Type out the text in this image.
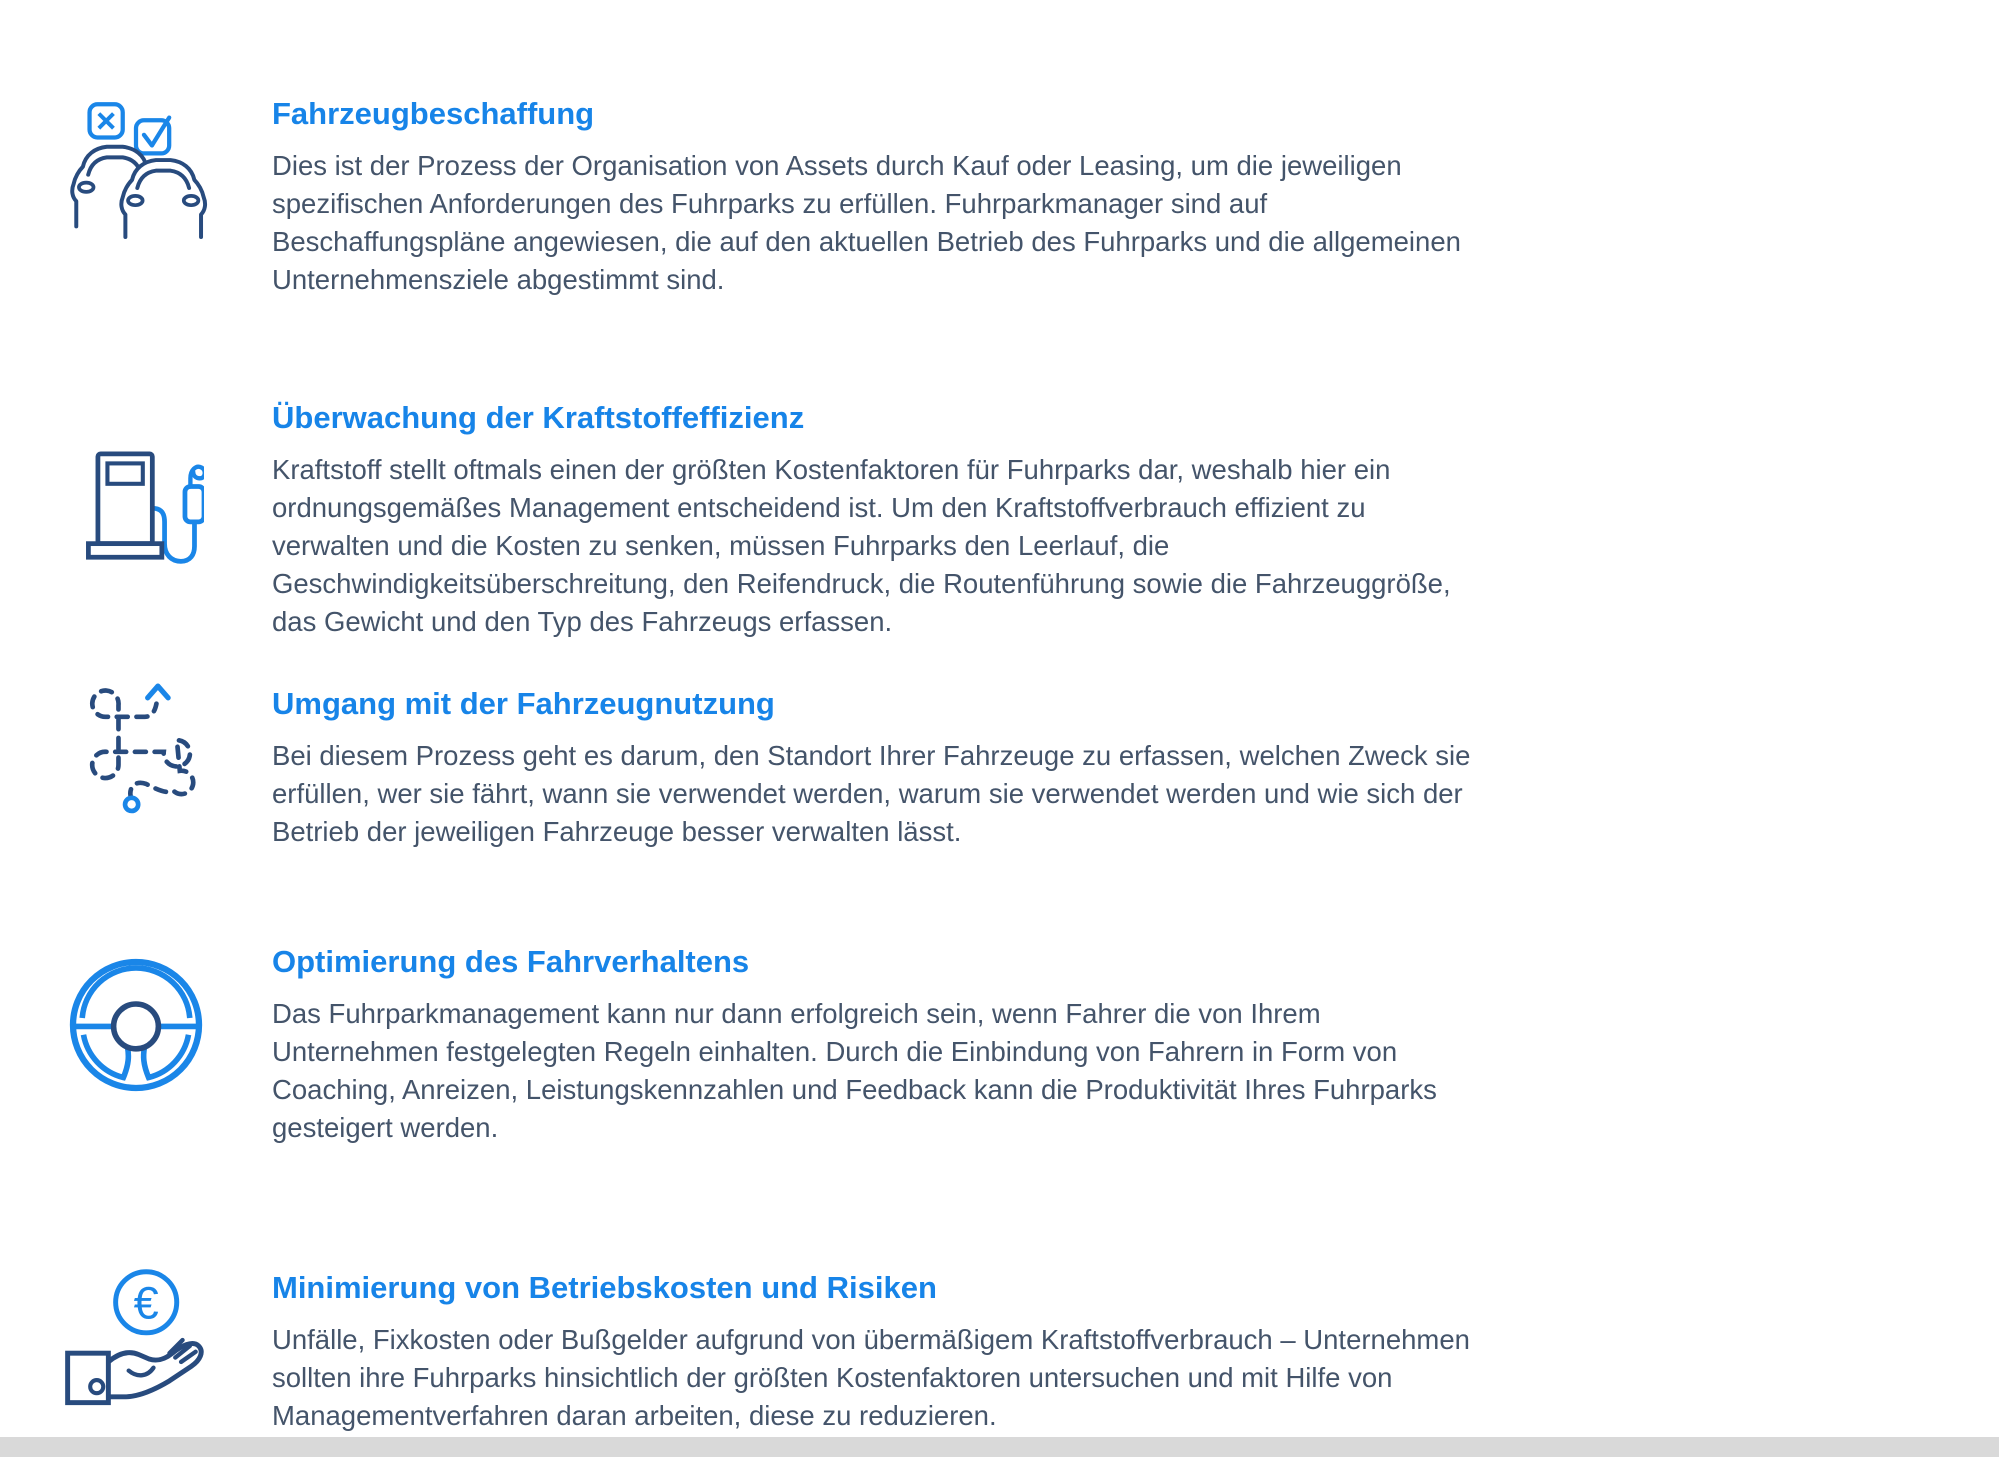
Fahrzeugbeschaffung

Dies ist der Prozess der Organisation von Assets durch Kauf oder Leasing, um die jeweiligen spezifischen Anforderungen des Fuhrparks zu erfüllen. Fuhrparkmanager sind auf Beschaffungspläne angewiesen, die auf den aktuellen Betrieb des Fuhrparks und die allgemeinen Unternehmensziele abgestimmt sind.

Überwachung der Kraftstoffeffizienz

Kraftstoff stellt oftmals einen der größten Kostenfaktoren für Fuhrparks dar, weshalb hier ein ordnungsgemäßes Management entscheidend ist. Um den Kraftstoffverbrauch effizient zu verwalten und die Kosten zu senken, müssen Fuhrparks den Leerlauf, die Geschwindigkeitsüberschreitung, den Reifendruck, die Routenführung sowie die Fahrzeuggröße, das Gewicht und den Typ des Fahrzeugs erfassen.

Umgang mit der Fahrzeugnutzung

Bei diesem Prozess geht es darum, den Standort Ihrer Fahrzeuge zu erfassen, welchen Zweck sie erfüllen, wer sie fährt, wann sie verwendet werden, warum sie verwendet werden und wie sich der Betrieb der jeweiligen Fahrzeuge besser verwalten lässt.

Optimierung des Fahrverhaltens

Das Fuhrparkmanagement kann nur dann erfolgreich sein, wenn Fahrer die von Ihrem Unternehmen festgelegten Regeln einhalten. Durch die Einbindung von Fahrern in Form von Coaching, Anreizen, Leistungskennzahlen und Feedback kann die Produktivität Ihres Fuhrparks gesteigert werden.

€	Minimierung von Betriebskosten und Risiken

Unfälle, Fixkosten oder Bußgelder aufgrund von übermäßigem Kraftstoffverbrauch – Unternehmen sollten ihre Fuhrparks hinsichtlich der größten Kostenfaktoren untersuchen und mit Hilfe von Managementverfahren daran arbeiten, diese zu reduzieren.
